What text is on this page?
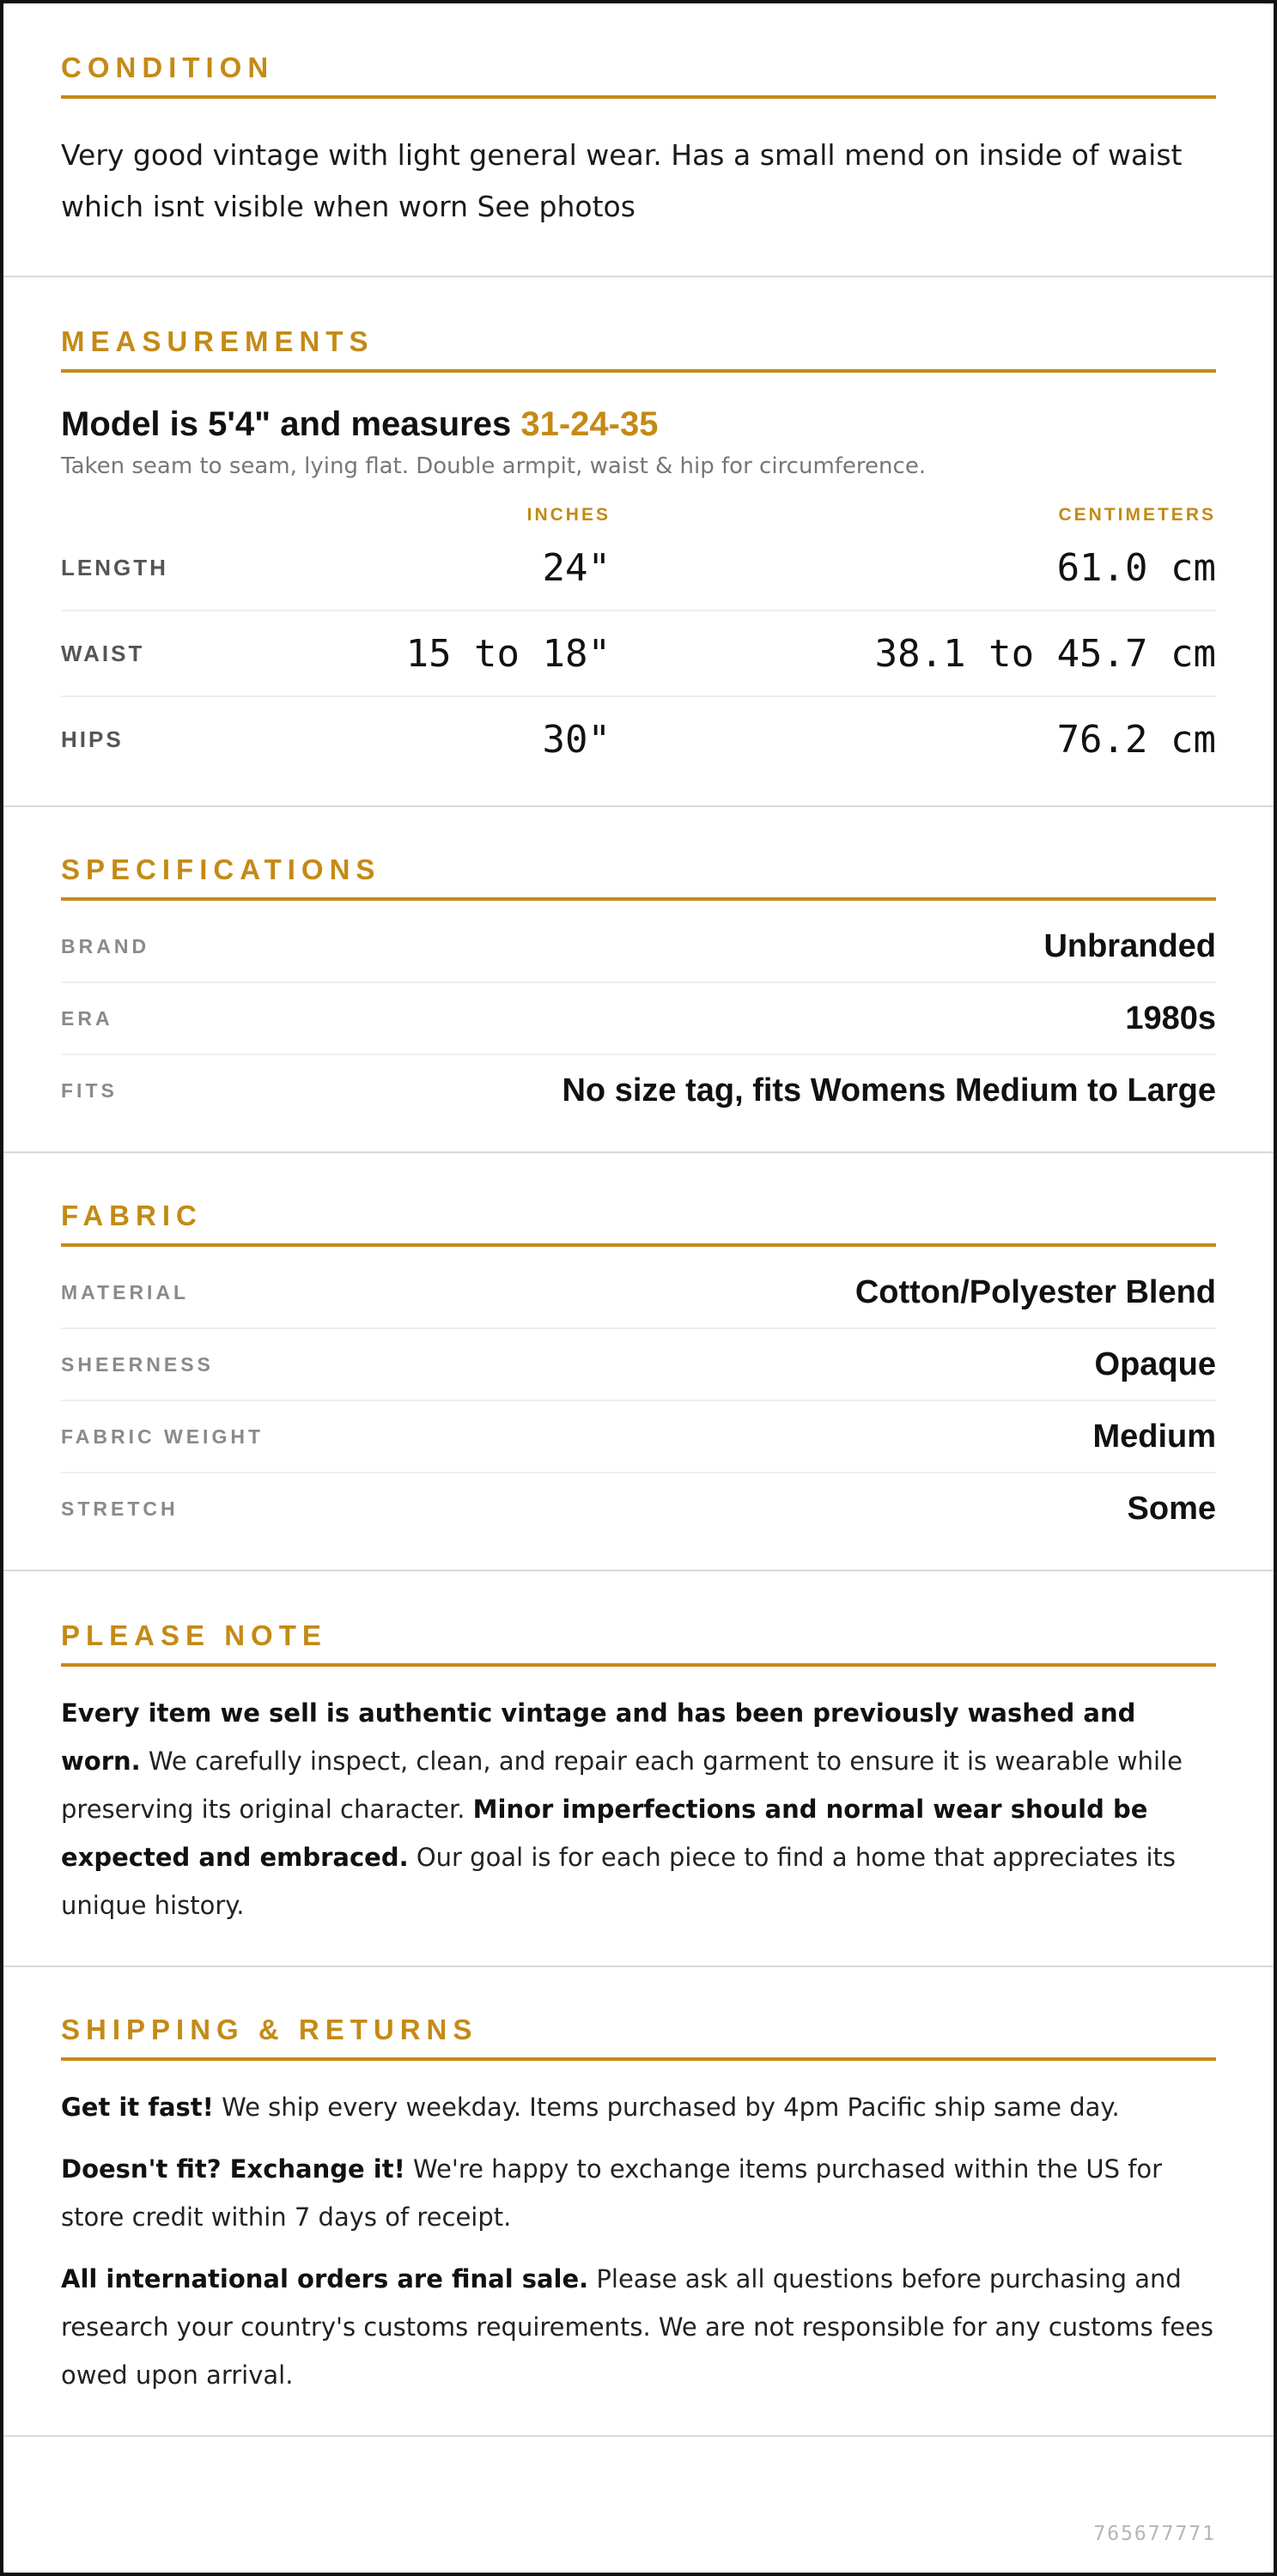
CONDITION
Very good vintage with light general wear. Has a small mend on inside of waist which isnt visible when worn See photos
MEASUREMENTS
Model is 5'4" and measures 31-24-35
Taken seam to seam, lying flat. Double armpit, waist & hip for circumference.
INCHES	CENTIMETERS
LENGTH	24"	61.0 cm
WAIST	15 to 18"	38.1 to 45.7 cm
HIPS	30"	76.2 cm
SPECIFICATIONS
BRAND	Unbranded
ERA	1980s
FITS	No size tag, fits Womens Medium to Large
FABRIC
MATERIAL	Cotton/Polyester Blend
SHEERNESS	Opaque
FABRIC WEIGHT	Medium
STRETCH	Some
PLEASE NOTE
Every item we sell is authentic vintage and has been previously washed and worn. We carefully inspect, clean, and repair each garment to ensure it is wearable while preserving its original character. Minor imperfections and normal wear should be expected and embraced. Our goal is for each piece to find a home that appreciates its unique history.
SHIPPING & RETURNS

Get it fast! We ship every weekday. Items purchased by 4pm Pacific ship same day.

Doesn't fit? Exchange it! We're happy to exchange items purchased within the US for store credit within 7 days of receipt.

All international orders are final sale. Please ask all questions before purchasing and research your country's customs requirements. We are not responsible for any customs fees owed upon arrival.

765677771
